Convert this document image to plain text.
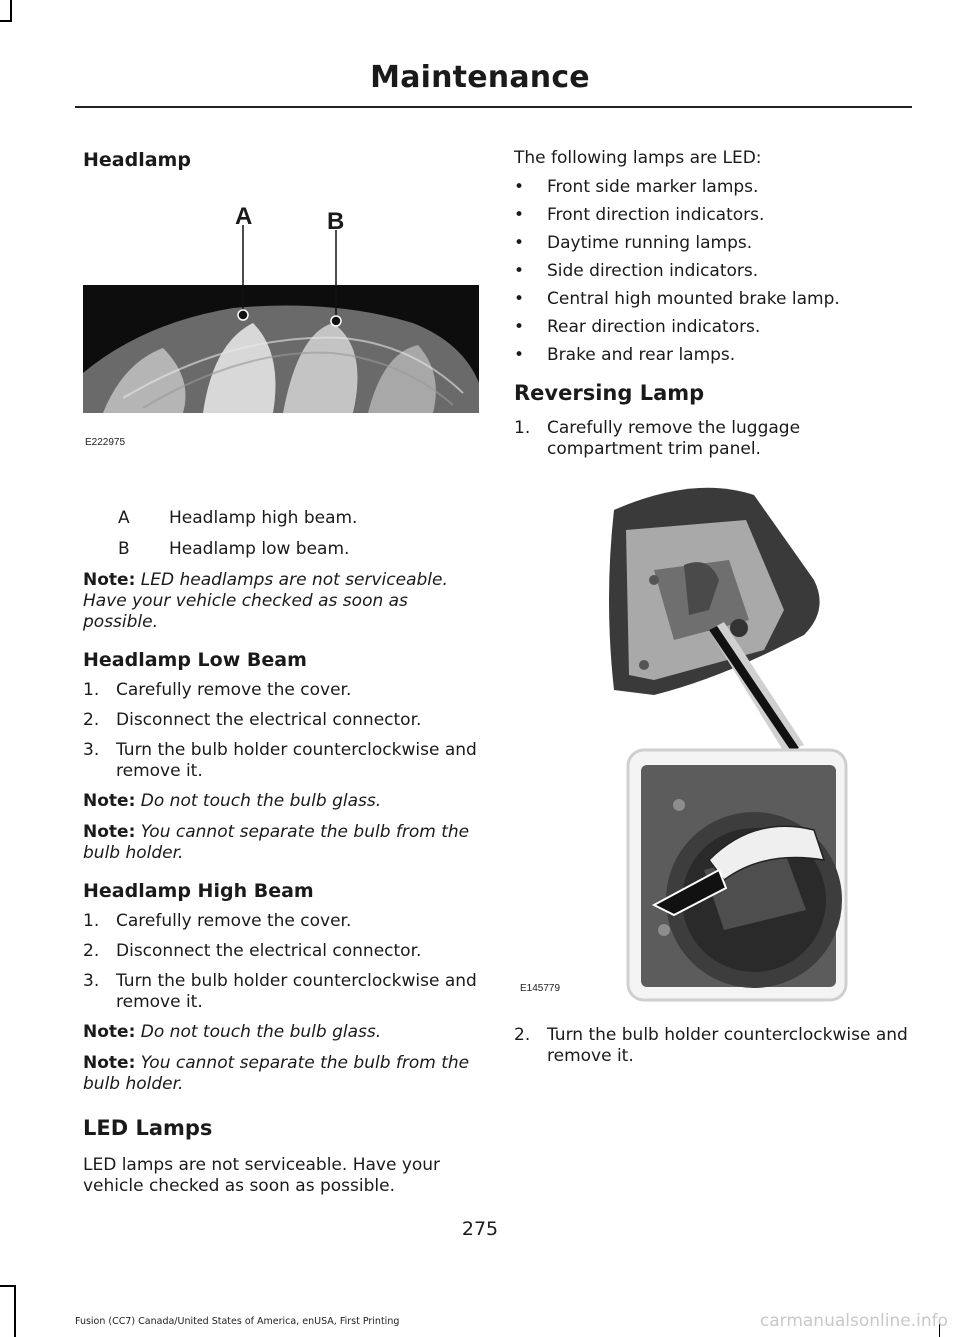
Maintenance
Headlamp
A	B
E222975
A Headlamp high beam.
B Headlamp low beam.

Note: LED headlamps are not serviceable. Have your vehicle checked as soon as possible.

Headlamp Low Beam
1. Carefully remove the cover.
2. Disconnect the electrical connector.
3. Turn the bulb holder counterclockwise and remove it.

Note: Do not touch the bulb glass.

Note: You cannot separate the bulb from the bulb holder.

Headlamp High Beam
1. Carefully remove the cover.
2. Disconnect the electrical connector.
3. Turn the bulb holder counterclockwise and remove it.

Note: Do not touch the bulb glass.

Note: You cannot separate the bulb from the bulb holder.

LED Lamps

LED lamps are not serviceable. Have your vehicle checked as soon as possible.

The following lamps are LED:

• Front side marker lamps.
• Front direction indicators.
• Daytime running lamps.
• Side direction indicators.
• Central high mounted brake lamp.
• Rear direction indicators.
• Brake and rear lamps.
Reversing Lamp
1. Carefully remove the luggage compartment trim panel.
E145779
2. Turn the bulb holder counterclockwise and remove it.
275
Fusion (CC7) Canada/United States of America, enUSA, First Printing	carmanualsonline.info
